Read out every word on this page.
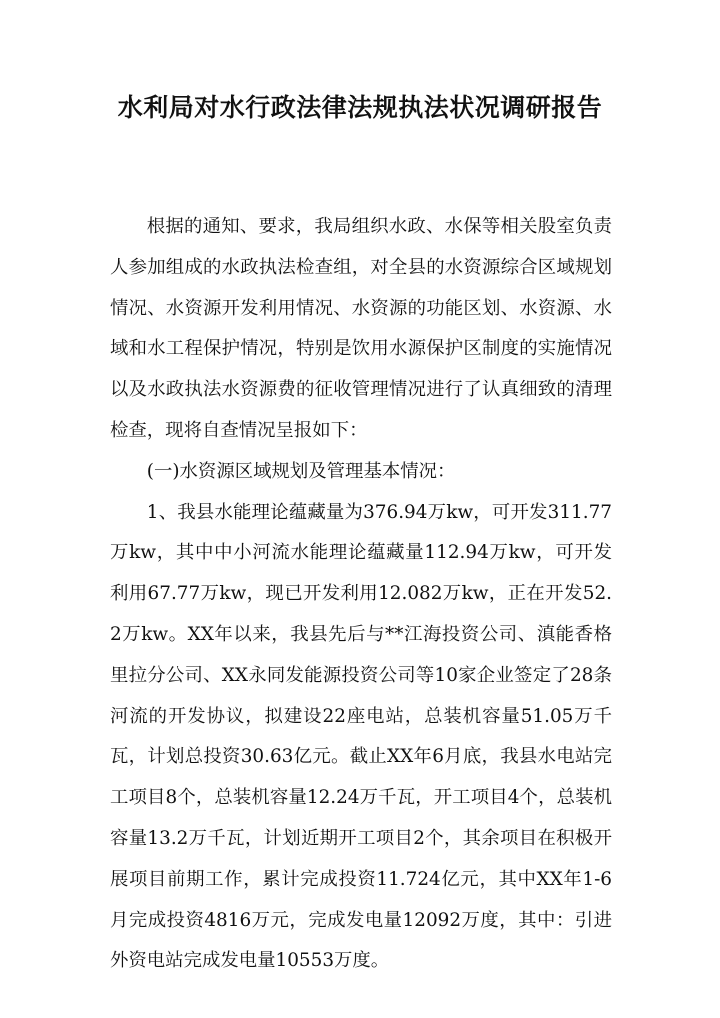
水利局对水行政法律法规执法状况调研报告

根据的通知、要求，我局组织水政、水保等相关股室负责人参加组成的水政执法检查组，对全县的水资源综合区域规划情况、水资源开发利用情况、水资源的功能区划、水资源、水域和水工程保护情况，特别是饮用水源保护区制度的实施情况以及水政执法水资源费的征收管理情况进行了认真细致的清理检查，现将自查情况呈报如下：

(一)水资源区域规划及管理基本情况：

1、我县水能理论蕴藏量为376.94万kw，可开发311.77万kw，其中中小河流水能理论蕴藏量112.94万kw，可开发利用67.77万kw，现已开发利用12.082万kw，正在开发52.2万kw。XX年以来，我县先后与**江海投资公司、滇能香格里拉分公司、XX永同发能源投资公司等10家企业签定了28条河流的开发协议，拟建设22座电站，总装机容量51.05万千瓦，计划总投资30.63亿元。截止XX年6月底，我县水电站完工项目8个，总装机容量12.24万千瓦，开工项目4个，总装机容量13.2万千瓦，计划近期开工项目2个，其余项目在积极开展项目前期工作，累计完成投资11.724亿元，其中XX年1-6月完成投资4816万元，完成发电量12092万度，其中：引进外资电站完成发电量10553万度。
